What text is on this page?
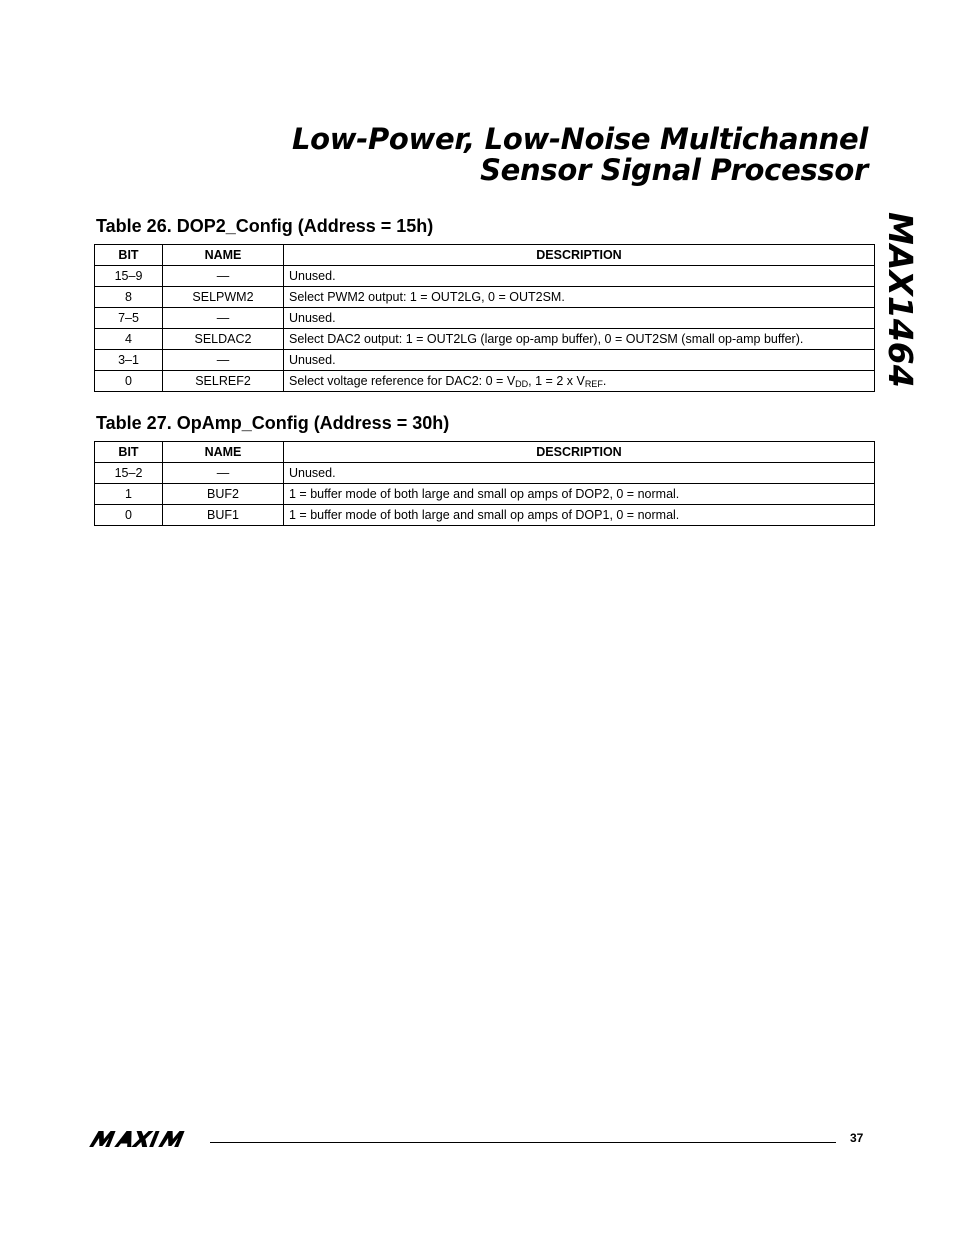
Low-Power, Low-Noise Multichannel
Sensor Signal Processor
MAX1464
Table 26. DOP2_Config (Address = 15h)
BIT	NAME	DESCRIPTION
15–9	—	Unused.
8	SELPWM2	Select PWM2 output: 1 = OUT2LG, 0 = OUT2SM.
7–5	—	Unused.
4	SELDAC2	Select DAC2 output: 1 = OUT2LG (large op-amp buffer), 0 = OUT2SM (small op-amp buffer).
3–1	—	Unused.
0	SELREF2	Select voltage reference for DAC2: $0 = V_{DD}$, 1 = 2 x $V_{REF}$.
Table 27. OpAmp_Config (Address = 30h)
BIT	NAME	DESCRIPTION
15–2	—	Unused.
1	BUF2	1 = buffer mode of both large and small op amps of DOP2, 0 = normal.
0	BUF1	1 = buffer mode of both large and small op amps of DOP1, 0 = normal.
37
